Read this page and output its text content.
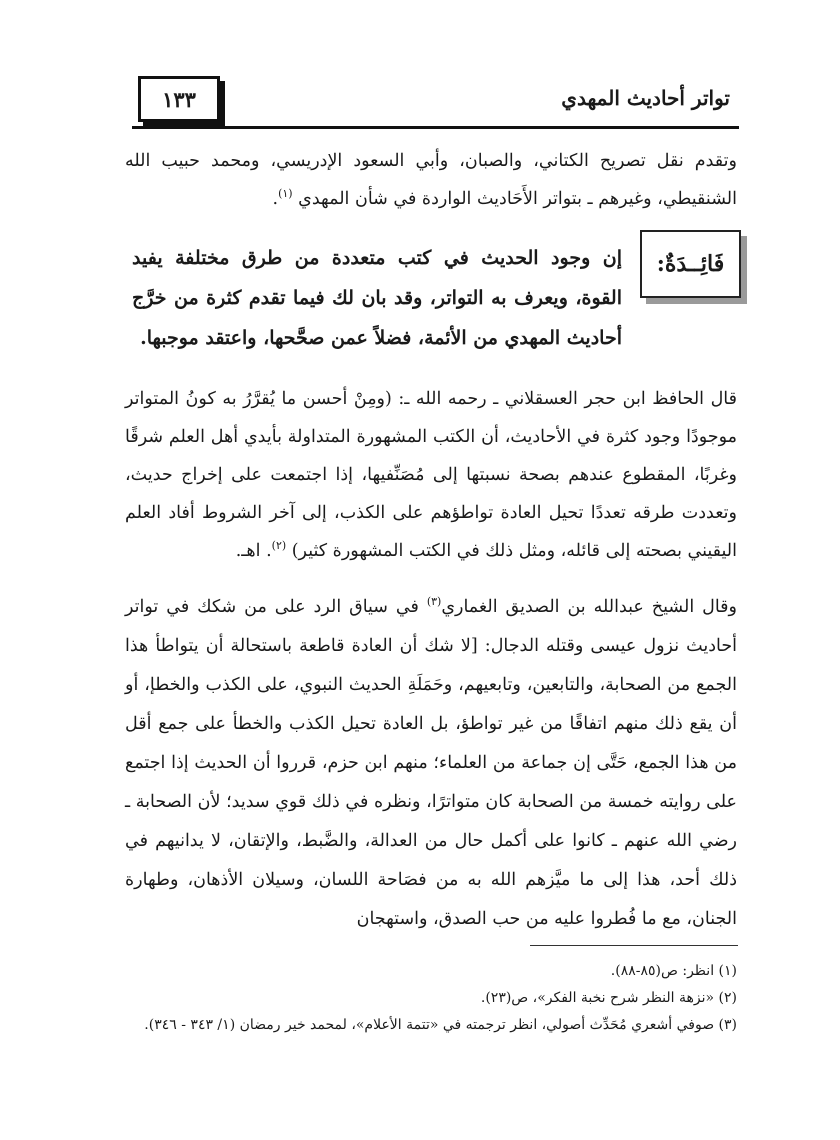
تواتر أحاديث المهدي
١٣٣
وتقدم نقل تصريح الكتاني، والصبان، وأبي السعود الإدريسي، ومحمد حبيب الله الشنقيطي، وغيرهم ـ بتواتر الأَحَاديث الواردة في شأن المهدي $^{(١)}$.
فَائِــدَةٌ:
إن وجود الحديث في كتب متعددة من طرق مختلفة يفيد القوة، ويعرف به التواتر، وقد بان لك فيما تقدم كثرة من خرَّج أحاديث المهدي من الأئمة، فضلاً عمن صحَّحها، واعتقد موجبها.
قال الحافظ ابن حجر العسقلاني ـ رحمه الله ـ: (ومِنْ أحسن ما يُقرَّرُ به كونُ المتواتر موجودًا وجود كثرة في الأحاديث، أن الكتب المشهورة المتداولة بأيدي أهل العلم شرقًا وغربًا، المقطوع عندهم بصحة نسبتها إلى مُصَنِّفيها، إذا اجتمعت على إخراج حديث، وتعددت طرقه تعددًا تحيل العادة تواطؤهم على الكذب، إلى آخر الشروط أفاد العلم اليقيني بصحته إلى قائله، ومثل ذلك في الكتب المشهورة كثير) $^{(٢)}$. اهـ.
وقال الشيخ عبدالله بن الصديق الغماري$^{(٣)}$ في سياق الرد على من شكك في تواتر أحاديث نزول عيسى وقتله الدجال: [لا شك أن العادة قاطعة باستحالة أن يتواطأ هذا الجمع من الصحابة، والتابعين، وتابعيهم، وحَمَلَةِ الحديث النبوي، على الكذب والخطإ، أو أن يقع ذلك منهم اتفاقًا من غير تواطؤ، بل العادة تحيل الكذب والخطأ على جمع أقل من هذا الجمع، حَتَّى إن جماعة من العلماء؛ منهم ابن حزم، قرروا أن الحديث إذا اجتمع على روايته خمسة من الصحابة كان متواترًا، ونظره في ذلك قوي سديد؛ لأن الصحابة ـ رضي الله عنهم ـ كانوا على أكمل حال من العدالة، والضَّبط، والإتقان، لا يدانيهم في ذلك أحد، هذا إلى ما ميَّزهم الله به من فصَاحة اللسان، وسيلان الأذهان، وطهارة الجنان، مع ما فُطروا عليه من حب الصدق، واستهجان
(١) انظر: ص(٨٥-٨٨).
(٢) «نزهة النظر شرح نخبة الفكر»، ص(٢٣).
(٣) صوفي أشعري مُحَدِّث أصولي، انظر ترجمته في «تتمة الأعلام»، لمحمد خير رمضان (١/ ٣٤٣ - ٣٤٦).
